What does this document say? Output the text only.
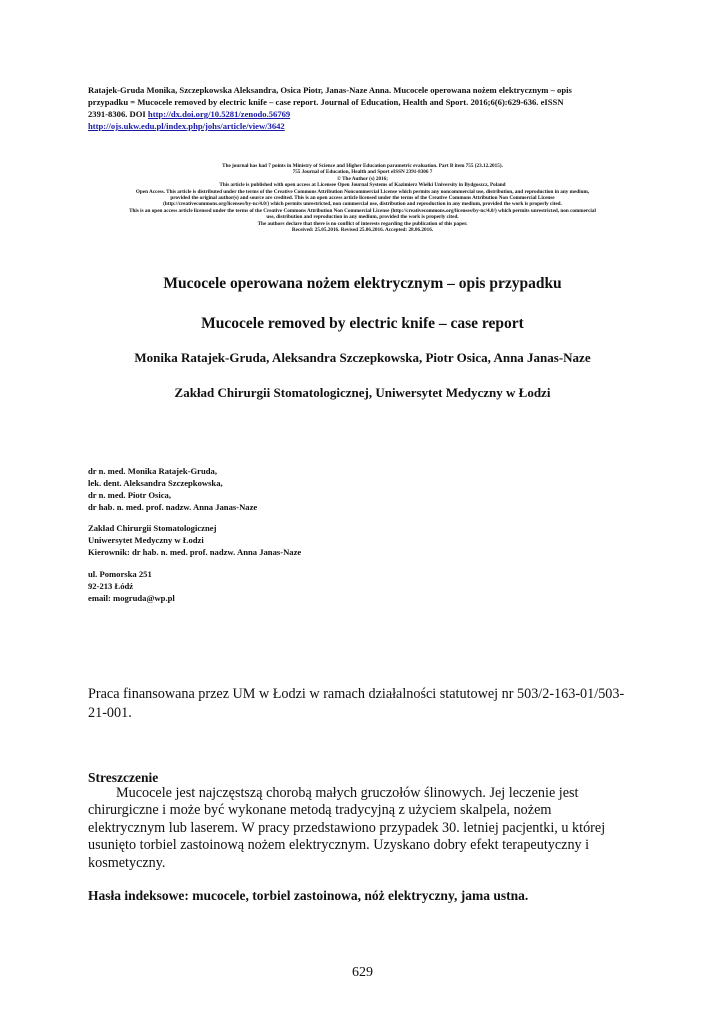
Ratajek-Gruda Monika, Szczepkowska Aleksandra, Osica Piotr, Janas-Naze Anna. Mucocele operowana nożem elektrycznym – opis
przypadku = Mucocele removed by electric knife – case report. Journal of Education, Health and Sport. 2016;6(6):629-636. eISSN
2391-8306. DOI http://dx.doi.org/10.5281/zenodo.56769
http://ojs.ukw.edu.pl/index.php/johs/article/view/3642
The journal has had 7 points in Ministry of Science and Higher Education parametric evaluation. Part B item 755 (23.12.2015).
755 Journal of Education, Health and Sport eISSN 2391-8306 7
© The Author (s) 2016;
This article is published with open access at Licensee Open Journal Systems of Kazimierz Wielki University in Bydgoszcz, Poland
Open Access. This article is distributed under the terms of the Creative Commons Attribution Noncommercial License which permits any noncommercial use, distribution, and reproduction in any medium,
provided the original author(s) and source are credited. This is an open access article licensed under the terms of the Creative Commons Attribution Non Commercial License
(http://creativecommons.org/licenses/by-nc/4.0/) which permits unrestricted, non commercial use, distribution and reproduction in any medium, provided the work is properly cited.
This is an open access article licensed under the terms of the Creative Commons Attribution Non Commercial License (http://creativecommons.org/licenses/by-nc/4.0/) which permits unrestricted, non commercial
use, distribution and reproduction in any medium, provided the work is properly cited.
The authors declare that there is no conflict of interests regarding the publication of this paper.
Received: 25.05.2016. Revised 25.06.2016. Accepted: 28.06.2016.
Mucocele operowana nożem elektrycznym – opis przypadku
Mucocele removed by electric knife – case report
Monika Ratajek-Gruda, Aleksandra Szczepkowska, Piotr Osica, Anna Janas-Naze
Zakład Chirurgii Stomatologicznej, Uniwersytet Medyczny w Łodzi
dr n. med. Monika Ratajek-Gruda,
lek. dent. Aleksandra Szczepkowska,
dr n. med. Piotr Osica,
dr hab. n. med. prof. nadzw. Anna Janas-Naze
Zakład Chirurgii Stomatologicznej
Uniwersytet Medyczny w Łodzi
Kierownik: dr hab. n. med. prof. nadzw. Anna Janas-Naze
ul. Pomorska 251
92-213 Łódź
email: mogruda@wp.pl
Praca finansowana przez UM w Łodzi w ramach działalności statutowej nr 503/2-163-01/503-
21-001.
Streszczenie
Mucocele jest najczęstszą chorobą małych gruczołów ślinowych. Jej leczenie jest
chirurgiczne i może być wykonane metodą tradycyjną z użyciem skalpela, nożem
elektrycznym lub laserem. W pracy przedstawiono przypadek 30. letniej pacjentki, u której
usunięto torbiel zastoinową nożem elektrycznym. Uzyskano dobry efekt terapeutyczny i
kosmetyczny.
Hasła indeksowe: mucocele, torbiel zastoinowa, nóż elektryczny, jama ustna.
629
